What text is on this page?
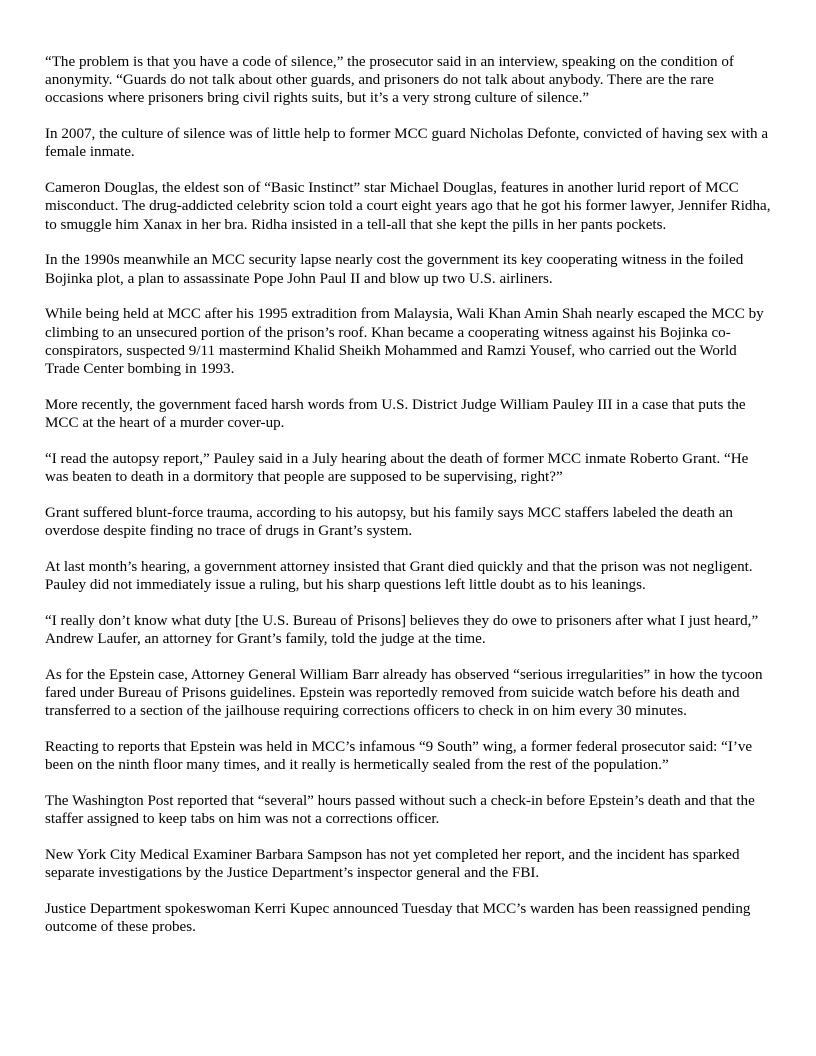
“The problem is that you have a code of silence,” the prosecutor said in an interview, speaking on the condition of anonymity. “Guards do not talk about other guards, and prisoners do not talk about anybody. There are the rare occasions where prisoners bring civil rights suits, but it’s a very strong culture of silence.”

In 2007, the culture of silence was of little help to former MCC guard Nicholas Defonte, convicted of having sex with a female inmate.

Cameron Douglas, the eldest son of “Basic Instinct” star Michael Douglas, features in another lurid report of MCC misconduct. The drug-addicted celebrity scion told a court eight years ago that he got his former lawyer, Jennifer Ridha, to smuggle him Xanax in her bra. Ridha insisted in a tell-all that she kept the pills in her pants pockets.

In the 1990s meanwhile an MCC security lapse nearly cost the government its key cooperating witness in the foiled Bojinka plot, a plan to assassinate Pope John Paul II and blow up two U.S. airliners.

While being held at MCC after his 1995 extradition from Malaysia, Wali Khan Amin Shah nearly escaped the MCC by climbing to an unsecured portion of the prison’s roof. Khan became a cooperating witness against his Bojinka co-conspirators, suspected 9/11 mastermind Khalid Sheikh Mohammed and Ramzi Yousef, who carried out the World Trade Center bombing in 1993.

More recently, the government faced harsh words from U.S. District Judge William Pauley III in a case that puts the MCC at the heart of a murder cover-up.

“I read the autopsy report,” Pauley said in a July hearing about the death of former MCC inmate Roberto Grant. “He was beaten to death in a dormitory that people are supposed to be supervising, right?”

Grant suffered blunt-force trauma, according to his autopsy, but his family says MCC staffers labeled the death an overdose despite finding no trace of drugs in Grant’s system.

At last month’s hearing, a government attorney insisted that Grant died quickly and that the prison was not negligent. Pauley did not immediately issue a ruling, but his sharp questions left little doubt as to his leanings.

“I really don’t know what duty [the U.S. Bureau of Prisons] believes they do owe to prisoners after what I just heard,” Andrew Laufer, an attorney for Grant’s family, told the judge at the time.

As for the Epstein case, Attorney General William Barr already has observed “serious irregularities” in how the tycoon fared under Bureau of Prisons guidelines. Epstein was reportedly removed from suicide watch before his death and transferred to a section of the jailhouse requiring corrections officers to check in on him every 30 minutes.

Reacting to reports that Epstein was held in MCC’s infamous “9 South” wing, a former federal prosecutor said: “I’ve been on the ninth floor many times, and it really is hermetically sealed from the rest of the population.”

The Washington Post reported that “several” hours passed without such a check-in before Epstein’s death and that the staffer assigned to keep tabs on him was not a corrections officer.

New York City Medical Examiner Barbara Sampson has not yet completed her report, and the incident has sparked separate investigations by the Justice Department’s inspector general and the FBI.

Justice Department spokeswoman Kerri Kupec announced Tuesday that MCC’s warden has been reassigned pending outcome of these probes.
